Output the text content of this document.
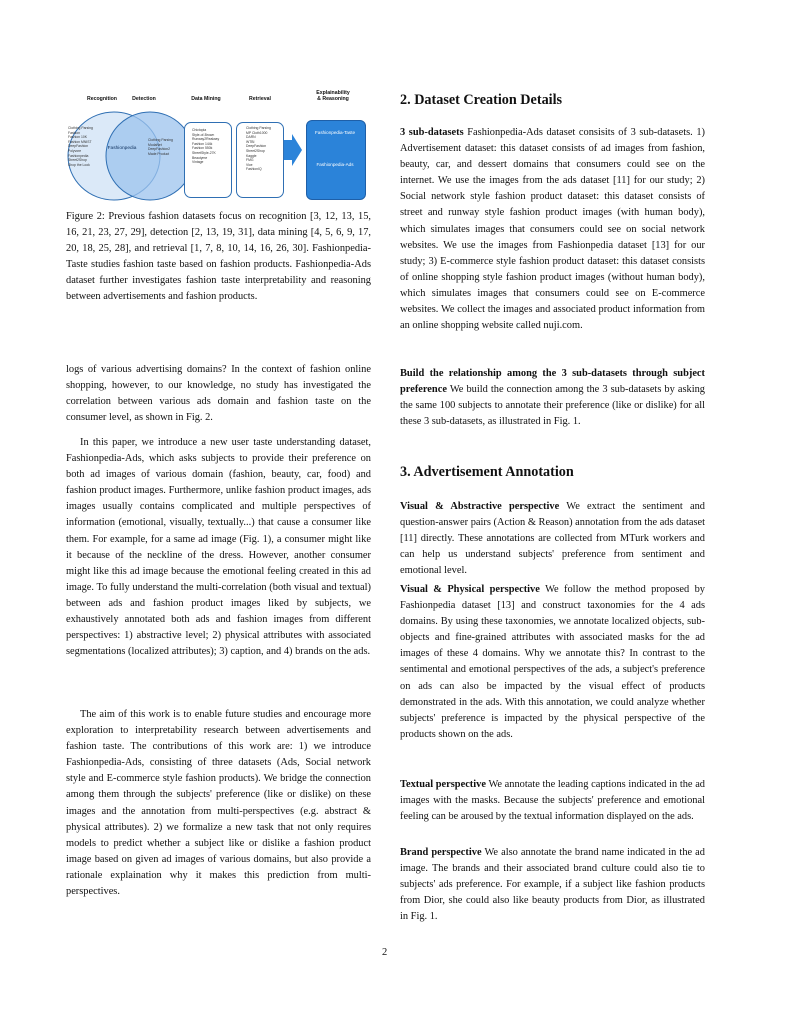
Recognition	Detection	Data Mining	Retrieval
Explainability
& Reasoning
Clothing Parsing
Fashion
Fashion 10K
Fashion MNIST
DeepFashion
Polyvore
Fashionpedia
Street2Shop
Shop the Look
Fashionpedia
Clothing Parsing
ModaNet
DeepFashion2
Made Product
Chictopia
Style-of-Brown
Runway2Realway
Fashion 144k
Fashion 550k
StreetStyle-27K
Beautyme
Vintage
Clothing Parsing
MP Cloth1000
DARN
WTBI
DeepFashion
Street2Shop
Kaggle
FMG
Vice
FashionIQ
Fashionpedia-Taste
Fashionpedia-Ads

Figure 2: Previous fashion datasets focus on recognition [3, 12, 13, 15, 16, 21, 23, 27, 29], detection [2, 13, 19, 31], data mining [4, 5, 6, 9, 17, 20, 18, 25, 28], and retrieval [1, 7, 8, 10, 14, 16, 26, 30]. Fashionpedia-Taste studies fashion taste based on fashion products. Fashionpedia-Ads dataset further investigates fashion taste interpretability and reasoning between advertisements and fashion products.

logs of various advertising domains? In the context of fashion online shopping, however, to our knowledge, no study has investigated the correlation between various ads domain and fashion taste on the consumer level, as shown in Fig. 2.

In this paper, we introduce a new user taste understanding dataset, Fashionpedia-Ads, which asks subjects to provide their preference on both ad images of various domain (fashion, beauty, car, food) and fashion product images. Furthermore, unlike fashion product images, ads images usually contains complicated and multiple perspectives of information (emotional, visually, textually...) that cause a consumer like them. For example, for a same ad image (Fig. 1), a consumer might like it because of the neckline of the dress. However, another consumer might like this ad image because the emotional feeling created in this ad image. To fully understand the multi-correlation (both visual and textual) between ads and fashion product images liked by subjects, we exhaustively annotated both ads and fashion images from different perspectives: 1) abstractive level; 2) physical attributes with associated segmentations (localized attributes); 3) caption, and 4) brands on the ads.

The aim of this work is to enable future studies and encourage more exploration to interpretability research between advertisements and fashion taste. The contributions of this work are: 1) we introduce Fashionpedia-Ads, consisting of three datasets (Ads, Social network style and E-commerce style fashion products). We bridge the connection among them through the subjects' preference (like or dislike) on these images and the annotation from multi-perspectives (e.g. abstract & physical attributes). 2) we formalize a new task that not only requires models to predict whether a subject like or dislike a fashion product image based on given ad images of various domains, but also provide a rationale explaination why it makes this prediction from multi-perspectives.

2. Dataset Creation Details

3 sub-datasets Fashionpedia-Ads dataset consisits of 3 sub-datasets. 1) Advertisement dataset: this dataset consists of ad images from fashion, beauty, car, and dessert domains that consumers could see on the internet. We use the images from the ads dataset [11] for our study; 2) Social network style fashion product dataset: this dataset consists of street and runway style fashion product images (with human body), which simulates images that consumers could see on social network websites. We use the images from Fashionpedia dataset [13] for our study; 3) E-commerce style fashion product dataset: this dataset consists of online shopping style fashion product images (without human body), which simulates images that consumers could see on E-commerce websites. We collect the images and associated product information from an online shopping website called nuji.com.

Build the relationship among the 3 sub-datasets through subject preference We build the connection among the 3 sub-datasets by asking the same 100 subjects to annotate their preference (like or dislike) for all these 3 sub-datasets, as illustrated in Fig. 1.

3. Advertisement Annotation

Visual & Abstractive perspective We extract the sentiment and question-answer pairs (Action & Reason) annotation from the ads dataset [11] directly. These annotations are collected from MTurk workers and can help us understand subjects' preference from sentiment and emotional level.

Visual & Physical perspective We follow the method proposed by Fashionpedia dataset [13] and construct taxonomies for the 4 ads domains. By using these taxonomies, we annotate localized objects, sub-objects and fine-grained attributes with associated masks for the ad images of these 4 domains. Why we annotate this? In contrast to the sentimental and emotional perspectives of the ads, a subject's preference on ads can also be impacted by the visual effect of products demonstrated in the ads. With this annotation, we could analyze whether subjects' preference is impacted by the physical perspective of the products shown on the ads.

Textual perspective We annotate the leading captions indicated in the ad images with the masks. Because the subjects' preference and emotional feeling can be aroused by the textual information displayed on the ads.

Brand perspective We also annotate the brand name indicated in the ad image. The brands and their associated brand culture could also tie to subjects' ads preference. For example, if a subject like fashion products from Dior, she could also like beauty products from Dior, as illustrated in Fig. 1.

2
